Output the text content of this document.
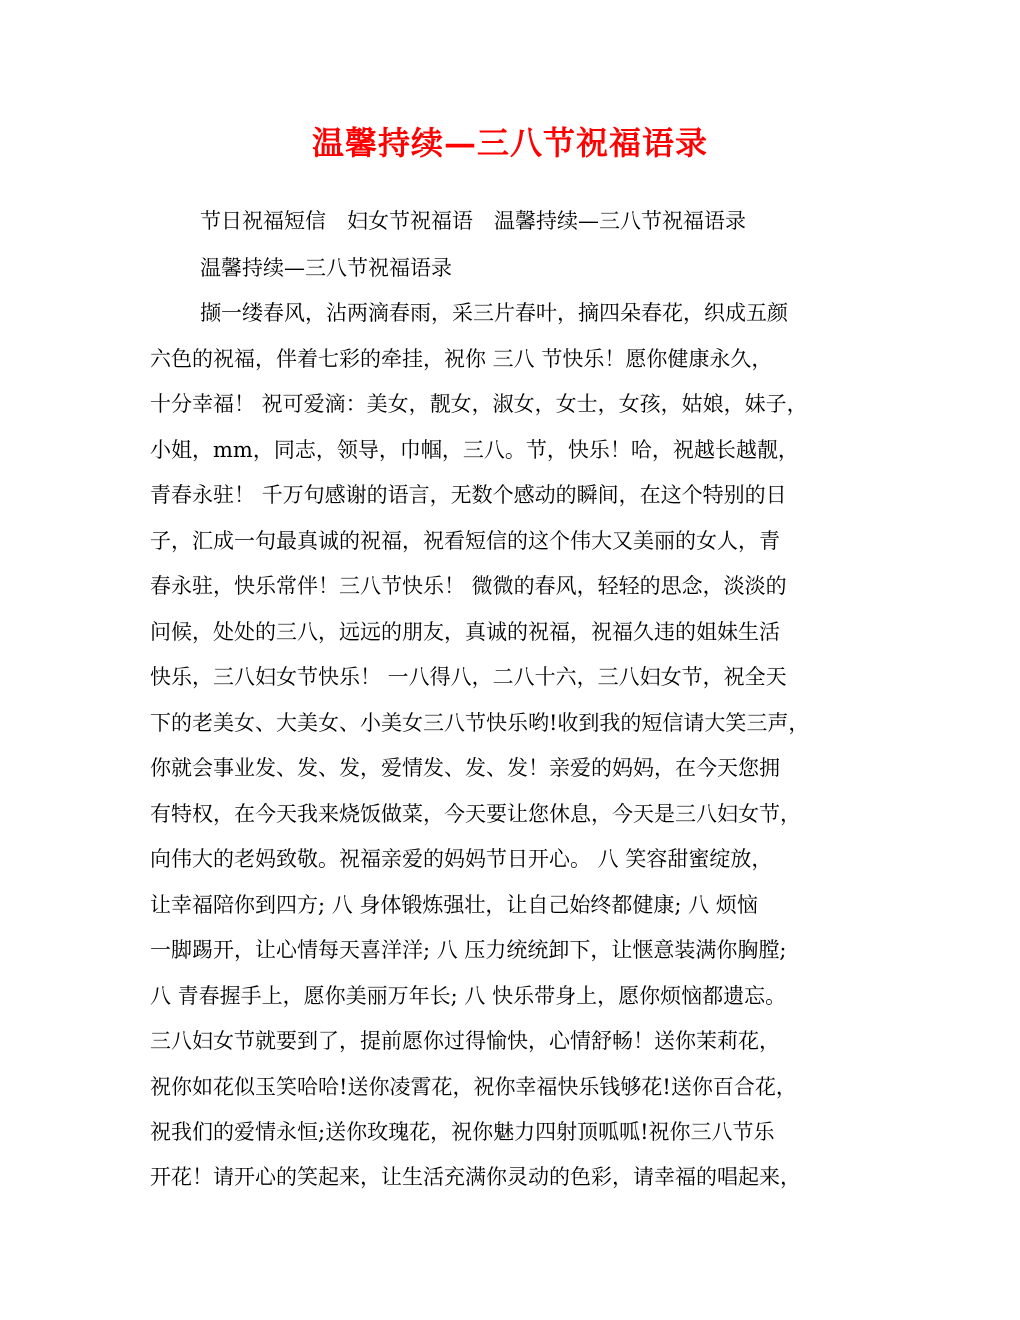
温馨持续—三八节祝福语录
节日祝福短信　妇女节祝福语　温馨持续—三八节祝福语录
温馨持续—三八节祝福语录
撷一缕春风，沾两滴春雨，采三片春叶，摘四朵春花，织成五颜
六色的祝福，伴着七彩的牵挂，祝你 三八 节快乐！愿你健康永久，
十分幸福！ 祝可爱滴：美女，靓女，淑女，女士，女孩，姑娘，妹子，
小姐，mm，同志，领导，巾帼，三八。节，快乐！哈，祝越长越靓，
青春永驻！ 千万句感谢的语言，无数个感动的瞬间，在这个特别的日
子，汇成一句最真诚的祝福，祝看短信的这个伟大又美丽的女人，青
春永驻，快乐常伴！三八节快乐！ 微微的春风，轻轻的思念，淡淡的
问候，处处的三八，远远的朋友，真诚的祝福，祝福久违的姐妹生活
快乐，三八妇女节快乐！ 一八得八，二八十六，三八妇女节，祝全天
下的老美女、大美女、小美女三八节快乐哟!收到我的短信请大笑三声，
你就会事业发、发、发，爱情发、发、发！亲爱的妈妈，在今天您拥
有特权，在今天我来烧饭做菜，今天要让您休息，今天是三八妇女节，
向伟大的老妈致敬。祝福亲爱的妈妈节日开心。 八 笑容甜蜜绽放，
让幸福陪你到四方; 八 身体锻炼强壮，让自己始终都健康; 八 烦恼
一脚踢开，让心情每天喜洋洋; 八 压力统统卸下，让惬意装满你胸膛;
八 青春握手上，愿你美丽万年长; 八 快乐带身上，愿你烦恼都遗忘。
三八妇女节就要到了，提前愿你过得愉快，心情舒畅！送你茉莉花，
祝你如花似玉笑哈哈!送你凌霄花，祝你幸福快乐钱够花!送你百合花，
祝我们的爱情永恒;送你玫瑰花，祝你魅力四射顶呱呱!祝你三八节乐
开花！请开心的笑起来，让生活充满你灵动的色彩，请幸福的唱起来，
